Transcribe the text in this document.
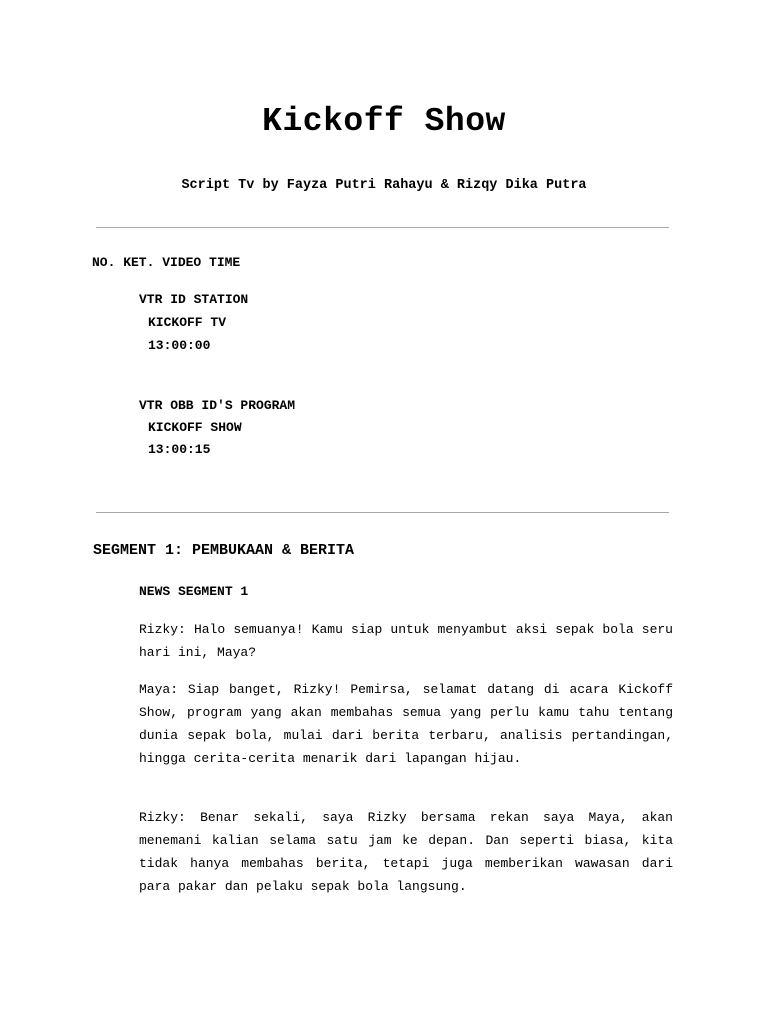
Kickoff Show
Script Tv by Fayza Putri Rahayu & Rizqy Dika Putra
NO. KET. VIDEO TIME
VTR ID STATION
KICKOFF TV
13:00:00
VTR OBB ID'S PROGRAM
KICKOFF SHOW
13:00:15
SEGMENT 1: PEMBUKAAN & BERITA
NEWS SEGMENT 1
Rizky: Halo semuanya! Kamu siap untuk menyambut aksi sepak bola seru hari ini, Maya?
Maya: Siap banget, Rizky! Pemirsa, selamat datang di acara Kickoff Show, program yang akan membahas semua yang perlu kamu tahu tentang dunia sepak bola, mulai dari berita terbaru, analisis pertandingan, hingga cerita-cerita menarik dari lapangan hijau.
Rizky: Benar sekali, saya Rizky bersama rekan saya Maya, akan menemani kalian selama satu jam ke depan. Dan seperti biasa, kita tidak hanya membahas berita, tetapi juga memberikan wawasan dari para pakar dan pelaku sepak bola langsung.
